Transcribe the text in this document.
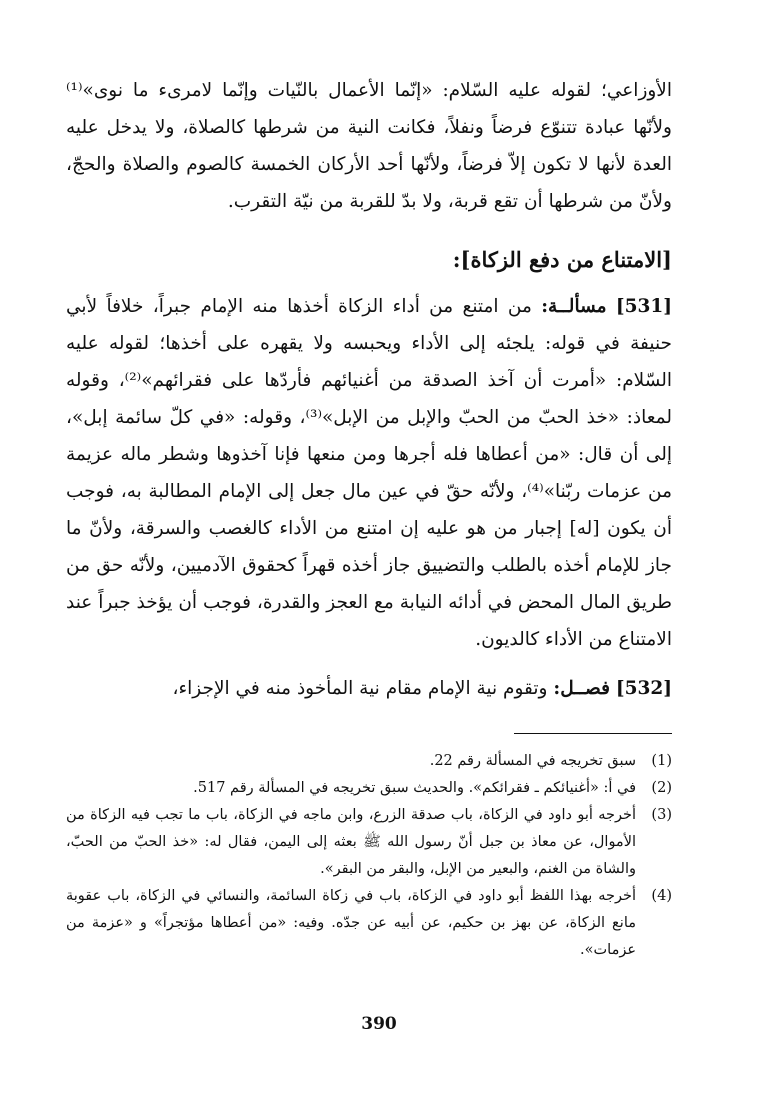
الأوزاعي؛ لقوله عليه السّلام: «إنّما الأعمال بالنّيات وإنّما لامرىء ما نوى»⁽¹⁾ ولأنّها عبادة تتنوّع فرضاً ونفلاً، فكانت النية من شرطها كالصلاة، ولا يدخل عليه العدة لأنها لا تكون إلاّ فرضاً، ولأنّها أحد الأركان الخمسة كالصوم والصلاة والحجّ، ولأنّ من شرطها أن تقع قربة، ولا بدّ للقربة من نيّة التقرب.

[الامتناع من دفع الزكاة]:

[531] مسألــة: من امتنع من أداء الزكاة أخذها منه الإمام جبراً، خلافاً لأبي حنيفة في قوله: يلجئه إلى الأداء ويحبسه ولا يقهره على أخذها؛ لقوله عليه السّلام: «أمرت أن آخذ الصدقة من أغنيائهم فأردّها على فقرائهم»⁽²⁾، وقوله لمعاذ: «خذ الحبّ من الحبّ والإبل من الإبل»⁽³⁾، وقوله: «في كلّ سائمة إبل»، إلى أن قال: «من أعطاها فله أجرها ومن منعها فإنا آخذوها وشطر ماله عزيمة من عزمات ربّنا»⁽⁴⁾، ولأنّه حقّ في عين مال جعل إلى الإمام المطالبة به، فوجب أن يكون [له] إجبار من هو عليه إن امتنع من الأداء كالغصب والسرقة، ولأنّ ما جاز للإمام أخذه بالطلب والتضييق جاز أخذه قهراً كحقوق الآدميين، ولأنّه حق من طريق المال المحض في أدائه النيابة مع العجز والقدرة، فوجب أن يؤخذ جبراً عند الامتناع من الأداء كالديون.

[532] فصــل: وتقوم نية الإمام مقام نية المأخوذ منه في الإجزاء،

(1)
سبق تخريجه في المسألة رقم 22.
(2)
في أ: «أغنيائكم ـ فقرائكم». والحديث سبق تخريجه في المسألة رقم 517.
(3)
أخرجه أبو داود في الزكاة، باب صدقة الزرع، وابن ماجه في الزكاة، باب ما تجب فيه الزكاة من الأموال، عن معاذ بن جبل أنّ رسول الله ﷺ بعثه إلى اليمن، فقال له: «خذ الحبّ من الحبّ، والشاة من الغنم، والبعير من الإبل، والبقر من البقر».
(4)
أخرجه بهذا اللفظ أبو داود في الزكاة، باب في زكاة السائمة، والنسائي في الزكاة، باب عقوبة مانع الزكاة، عن بهز بن حكيم، عن أبيه عن جدّه. وفيه: «من أعطاها مؤتجراً» و «عزمة من عزمات».
390
